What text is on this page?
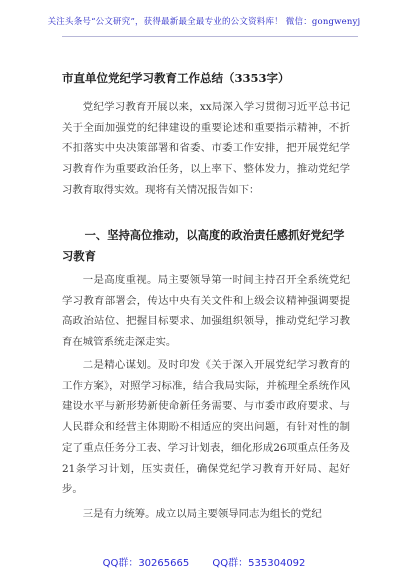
关注头条号“公文研究”，获得最新最全最专业的公文资料库！ 微信：gongwenyj
市直单位党纪学习教育工作总结（3353字）
党纪学习教育开展以来，xx局深入学习贯彻习近平总书记关于全面加强党的纪律建设的重要论述和重要指示精神，不折不扣落实中央决策部署和省委、市委工作安排，把开展党纪学习教育作为重要政治任务，以上率下、整体发力，推动党纪学习教育取得实效。现将有关情况报告如下：
一、坚持高位推动，以高度的政治责任感抓好党纪学习教育
一是高度重视。局主要领导第一时间主持召开全系统党纪学习教育部署会，传达中央有关文件和上级会议精神强调要提高政治站位、把握目标要求、加强组织领导，推动党纪学习教育在城管系统走深走实。
二是精心谋划。及时印发《关于深入开展党纪学习教育的工作方案》，对照学习标准，结合我局实际，并梳理全系统作风建设水平与新形势新使命新任务需要、与市委市政府要求、与人民群众和经营主体期盼不相适应的突出问题，有针对性的制定了重点任务分工表、学习计划表，细化形成26项重点任务及21条学习计划，压实责任，确保党纪学习教育开好局、起好步。
三是有力统筹。成立以局主要领导同志为组长的党纪
QQ群：30265665 QQ群：535304092
